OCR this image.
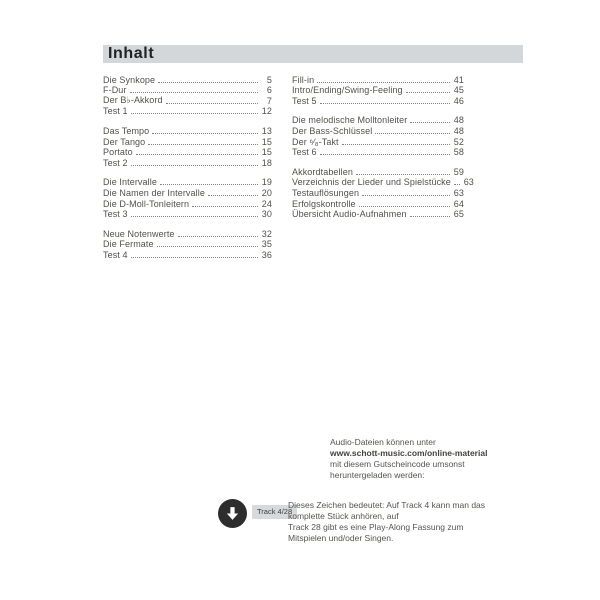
Inhalt
Die Synkope	5
F-Dur	6
Der B♭-Akkord	7
Test 1	12
Das Tempo	13
Der Tango	15
Portato	15
Test 2	18
Die Intervalle	19
Die Namen der Intervalle	20
Die D-Moll-Tonleitern	24
Test 3	30
Neue Notenwerte	32
Die Fermate	35
Test 4	36
Fill-in	41
Intro/Ending/Swing-Feeling	45
Test 5	46
Die melodische Molltonleiter	48
Der Bass-Schlüssel	48
Der ⁶⁄₈-Takt	52
Test 6	58
Akkordtabellen	59
Verzeichnis der Lieder und Spielstücke 63
Testauflösungen	63
Erfolgskontrolle	64
Übersicht Audio-Aufnahmen	65
Audio-Dateien können unter
www.schott-music.com/online-material
mit diesem Gutscheincode umsonst
heruntergeladen werden:
Track 4/28
Dieses Zeichen bedeutet: Auf Track 4 kann man das
komplette Stück anhören, auf
Track 28 gibt es eine Play-Along Fassung zum
Mitspielen und/oder Singen.
